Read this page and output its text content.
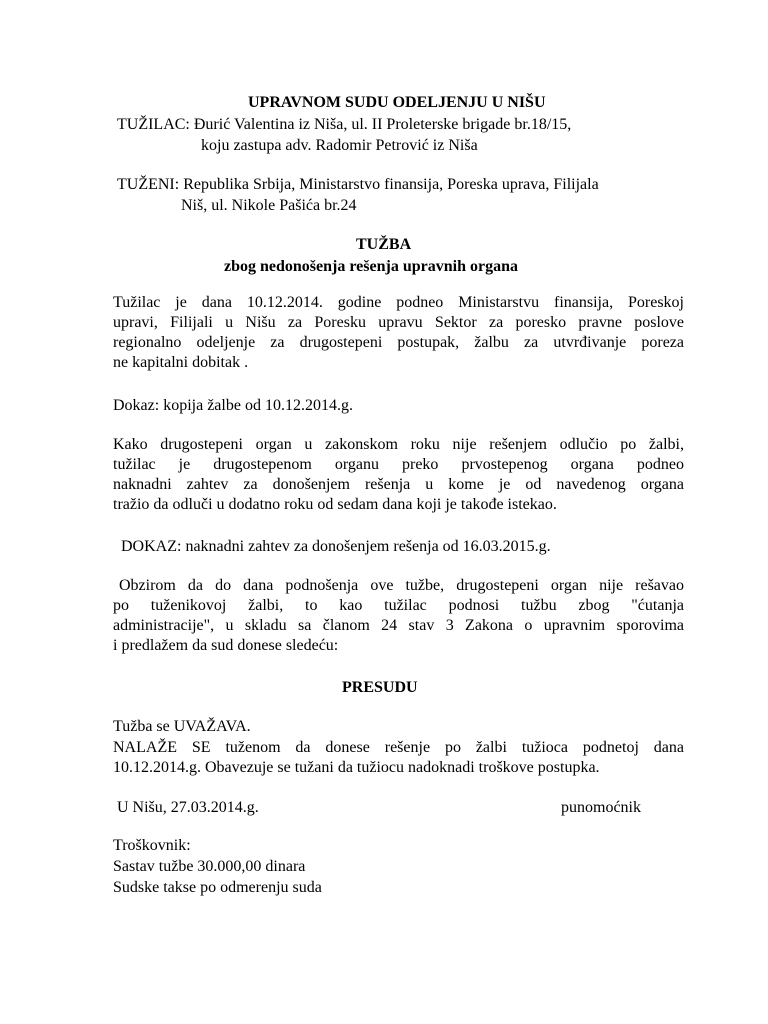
UPRAVNOM SUDU ODELJENJU U NIŠU
TUŽILAC: Đurić Valentina iz Niša, ul. II Proleterske brigade br.18/15,
koju zastupa adv. Radomir Petrović iz Niša
TUŽENI: Republika Srbija, Ministarstvo finansija, Poreska uprava, Filijala
Niš, ul. Nikole Pašića br.24
TUŽBA
zbog nedonošenja rešenja upravnih organa
Tužilac je dana 10.12.2014. godine podneo Ministarstvu finansija, Poreskoj
upravi, Filijali u Nišu za Poresku upravu Sektor za poresko pravne poslove
regionalno odeljenje za drugostepeni postupak, žalbu za utvrđivanje poreza
ne kapitalni dobitak .
Dokaz: kopija žalbe od 10.12.2014.g.
Kako drugostepeni organ u zakonskom roku nije rešenjem odlučio po žalbi,
tužilac je drugostepenom organu preko prvostepenog organa podneo
naknadni zahtev za donošenjem rešenja u kome je od navedenog organa
tražio da odluči u dodatno roku od sedam dana koji je takođe istekao.
DOKAZ: naknadni zahtev za donošenjem rešenja od 16.03.2015.g.
Obzirom da do dana podnošenja ove tužbe, drugostepeni organ nije rešavao
po tuženikovoj žalbi, to kao tužilac podnosi tužbu zbog "ćutanja
administracije", u skladu sa članom 24 stav 3 Zakona o upravnim sporovima
i predlažem da sud donese sledeću:
PRESUDU
Tužba se UVAŽAVA.
NALAŽE SE tuženom da donese rešenje po žalbi tužioca podnetoj dana
10.12.2014.g. Obavezuje se tužani da tužiocu nadoknadi troškove postupka.
U Nišu, 27.03.2014.g.	punomoćnik
Troškovnik:
Sastav tužbe 30.000,00 dinara
Sudske takse po odmerenju suda
